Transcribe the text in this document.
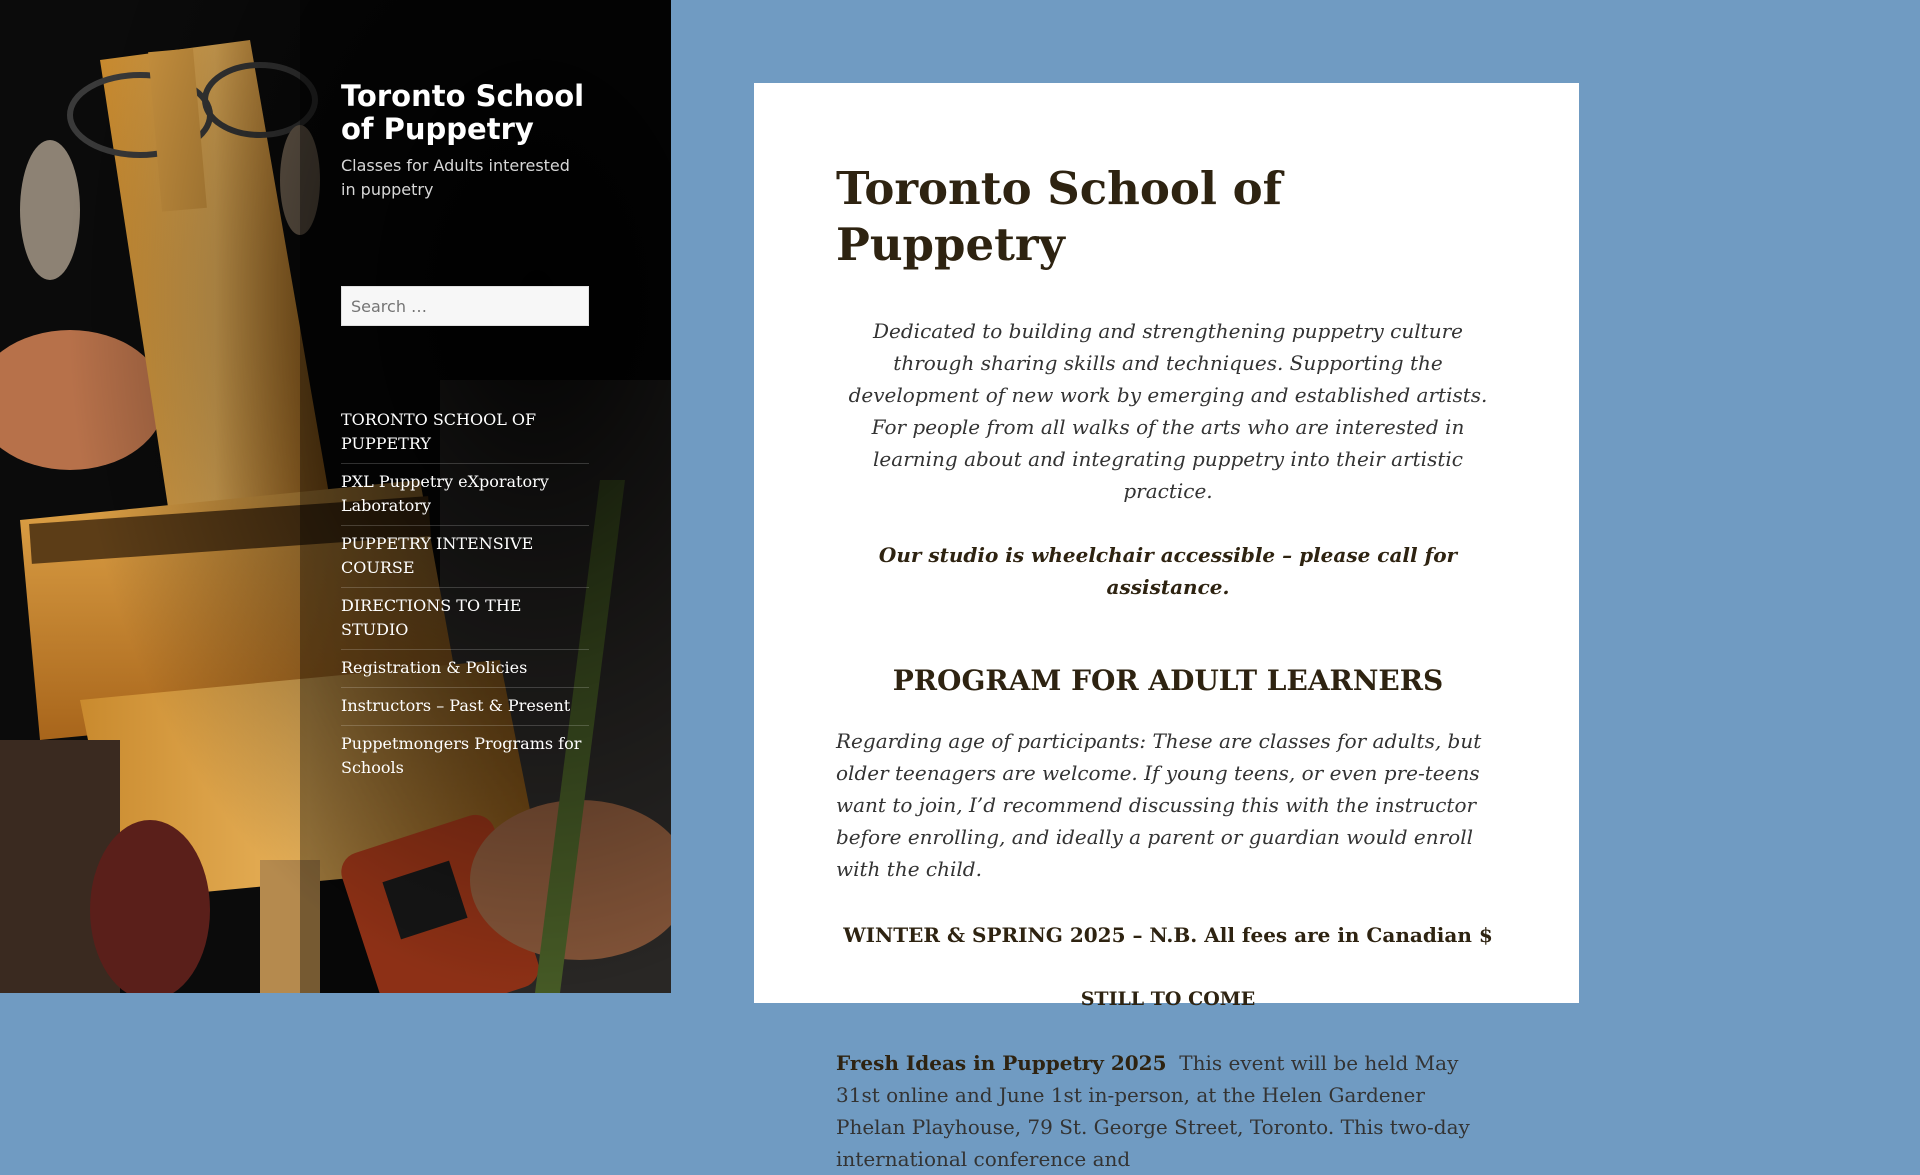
Toronto School of Puppetry
Classes for Adults interested in puppetry
Search …
TORONTO SCHOOL OF PUPPETRY
PXL Puppetry eXporatory Laboratory
PUPPETRY INTENSIVE COURSE
DIRECTIONS TO THE STUDIO
Registration & Policies
Instructors – Past & Present
Puppetmongers Programs for Schools
Toronto School of Puppetry

Dedicated to building and strengthening puppetry culture through sharing skills and techniques. Supporting the development of new work by emerging and established artists. For people from all walks of the arts who are interested in learning about and integrating puppetry into their artistic practice.

Our studio is wheelchair accessible – please call for assistance.

PROGRAM FOR ADULT LEARNERS

Regarding age of participants: These are classes for adults, but older teenagers are welcome. If young teens, or even pre-teens want to join, I’d recommend discussing this with the instructor before enrolling, and ideally a parent or guardian would enroll with the child.

WINTER & SPRING 2025 – N.B. All fees are in Canadian $

STILL TO COME

Fresh Ideas in Puppetry 2025 This event will be held May 31st online and June 1st in-person, at the Helen Gardener Phelan Playhouse, 79 St. George Street, Toronto. This two-day international conference and
